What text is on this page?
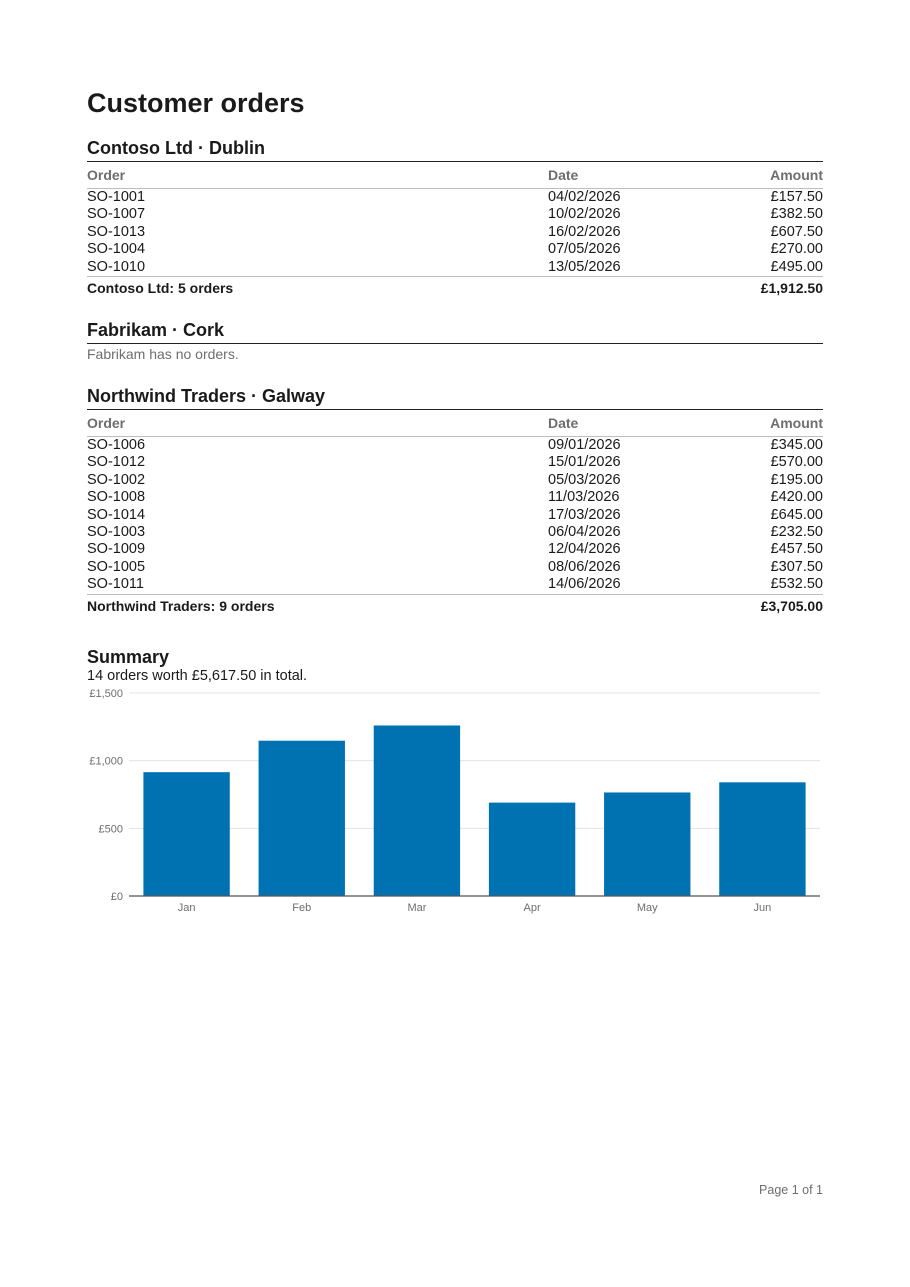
Customer orders
Contoso Ltd · Dublin
Order	Date	Amount
SO-1001	04/02/2026	£157.50
SO-1007	10/02/2026	£382.50
SO-1013	16/02/2026	£607.50
SO-1004	07/05/2026	£270.00
SO-1010	13/05/2026	£495.00
Contoso Ltd: 5 orders		£1,912.50
Fabrikam · Cork
Fabrikam has no orders.
Northwind Traders · Galway
Order	Date	Amount
SO-1006	09/01/2026	£345.00
SO-1012	15/01/2026	£570.00
SO-1002	05/03/2026	£195.00
SO-1008	11/03/2026	£420.00
SO-1014	17/03/2026	£645.00
SO-1003	06/04/2026	£232.50
SO-1009	12/04/2026	£457.50
SO-1005	08/06/2026	£307.50
SO-1011	14/06/2026	£532.50
Northwind Traders: 9 orders		£3,705.00
Summary
14 orders worth £5,617.50 in total.
£0
£500
£1,000
£1,500
Jan	Feb	Mar	Apr	May	Jun
Page 1 of 1
